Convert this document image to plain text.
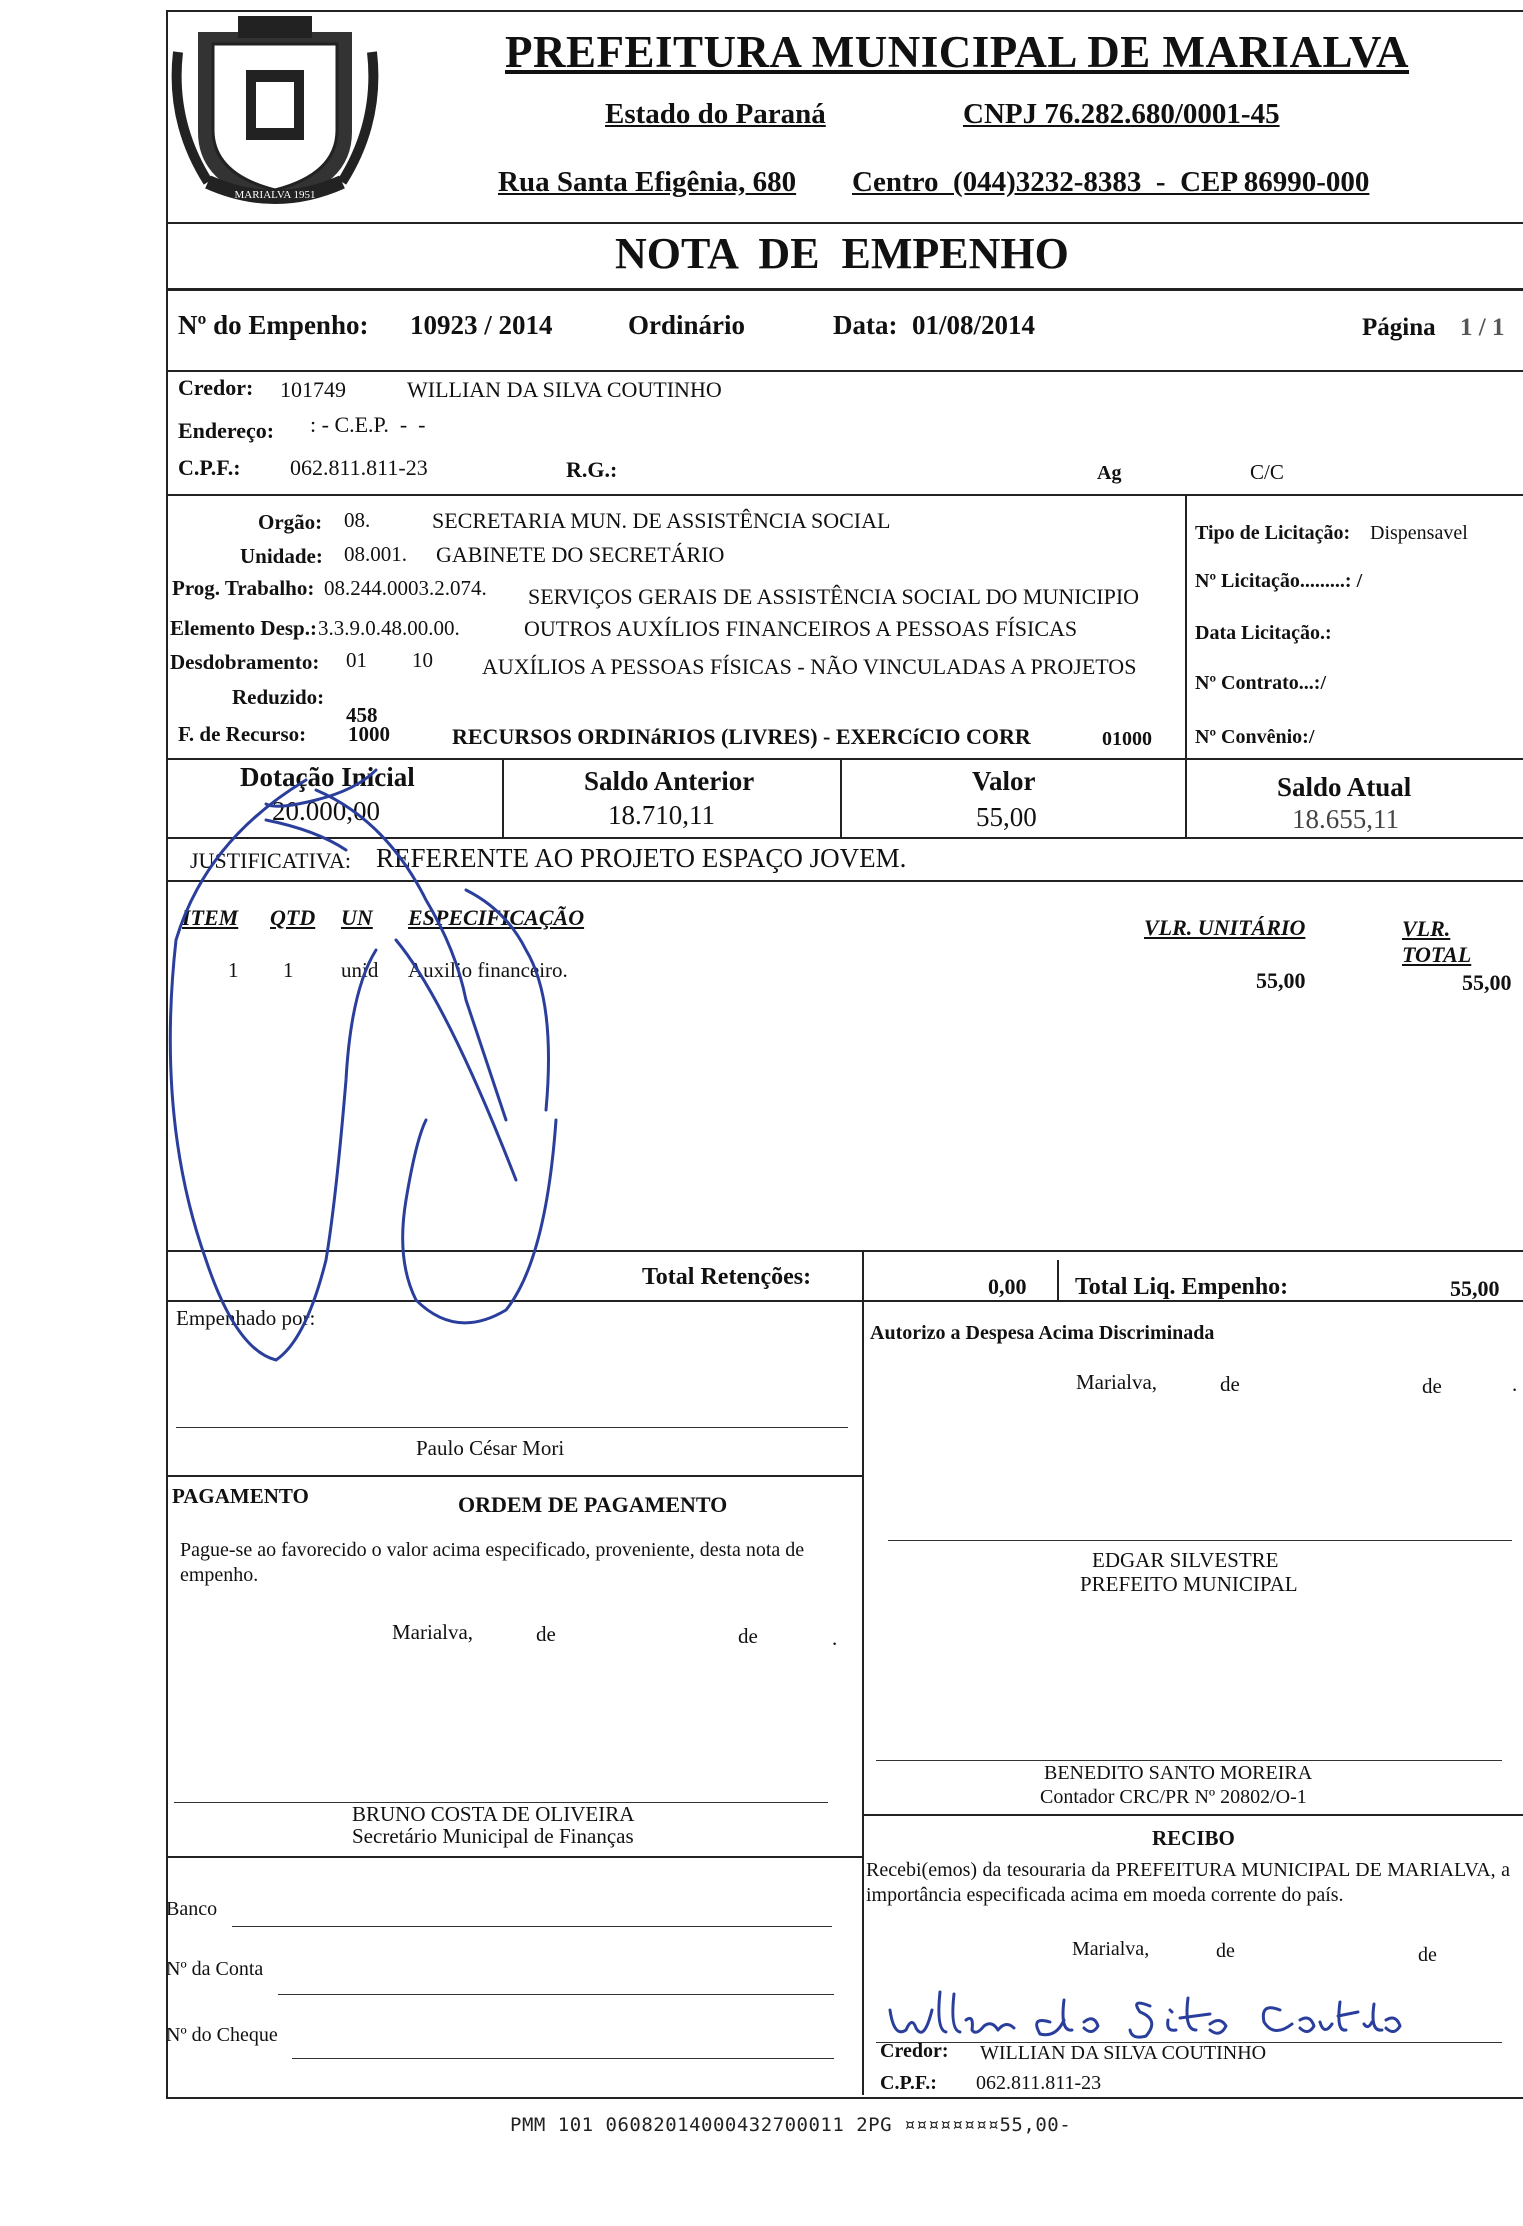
MARIALVA 1951
PREFEITURA MUNICIPAL DE MARIALVA
Estado do Paraná	CNPJ 76.282.680/0001-45
Rua Santa Efigênia, 680 Centro  (044)3232-8383  -  CEP 86990-000
NOTA  DE  EMPENHO
Nº do Empenho: 10923 / 2014	Ordinário	Data: 01/08/2014	Página 1 / 1
Credor: 101749	WILLIAN DA SILVA COUTINHO
Endereço: : - C.E.P.  -  -
C.P.F.: 062.811.811-23	R.G.:	Ag	C/C
Orgão: 08.	SECRETARIA MUN. DE ASSISTÊNCIA SOCIAL
Unidade: 08.001. GABINETE DO SECRETÁRIO
Prog. Trabalho: 08.244.0003.2.074. SERVIÇOS GERAIS DE ASSISTÊNCIA SOCIAL DO MUNICIPIO
Elemento Desp.: 3.3.9.0.48.00.00.	OUTROS AUXÍLIOS FINANCEIROS A PESSOAS FÍSICAS
Desdobramento: 01 10 AUXÍLIOS A PESSOAS FÍSICAS - NÃO VINCULADAS A PROJETOS
Reduzido:
458
F. de Recurso: 1000	RECURSOS ORDINáRIOS (LIVRES) - EXERCíCIO CORR	01000
Tipo de Licitação: Dispensavel
Nº Licitação.........: /
Data Licitação.:
Nº Contrato...:/
Nº Convênio:/
Dotação Inicial
20.000,00
Saldo Anterior
18.710,11
Valor
55,00
Saldo Atual
18.655,11
JUSTIFICATIVA: REFERENTE AO PROJETO ESPAÇO JOVEM.
ITEM QTD UN ESPECIFICAÇÃO	VLR. UNITÁRIO	VLR. TOTAL
1 1 unid Auxilio financeiro.	55,00	55,00
Total Retenções:	0,00 Total Liq. Empenho:	55,00
Empenhado por:
Paulo César Mori
Autorizo a Despesa Acima Discriminada
Marialva,	de	de	.
EDGAR SILVESTRE
PREFEITO MUNICIPAL
PAGAMENTO	ORDEM DE PAGAMENTO
Pague-se ao favorecido o valor acima especificado, proveniente, desta nota de empenho.
Marialva,	de	de	.
BRUNO COSTA DE OLIVEIRA
Secretário Municipal de Finanças
BENEDITO SANTO MOREIRA
Contador CRC/PR Nº 20802/O-1
Banco
Nº da Conta
Nº do Cheque
RECIBO
Recebi(emos) da tesouraria da PREFEITURA MUNICIPAL DE MARIALVA, a importância especificada acima em moeda corrente do país.
Marialva,	de	de
Credor: WILLIAN DA SILVA COUTINHO
C.P.F.: 062.811.811-23
PMM 101 06082014000432700011 2PG ¤¤¤¤¤¤¤¤55,00-
